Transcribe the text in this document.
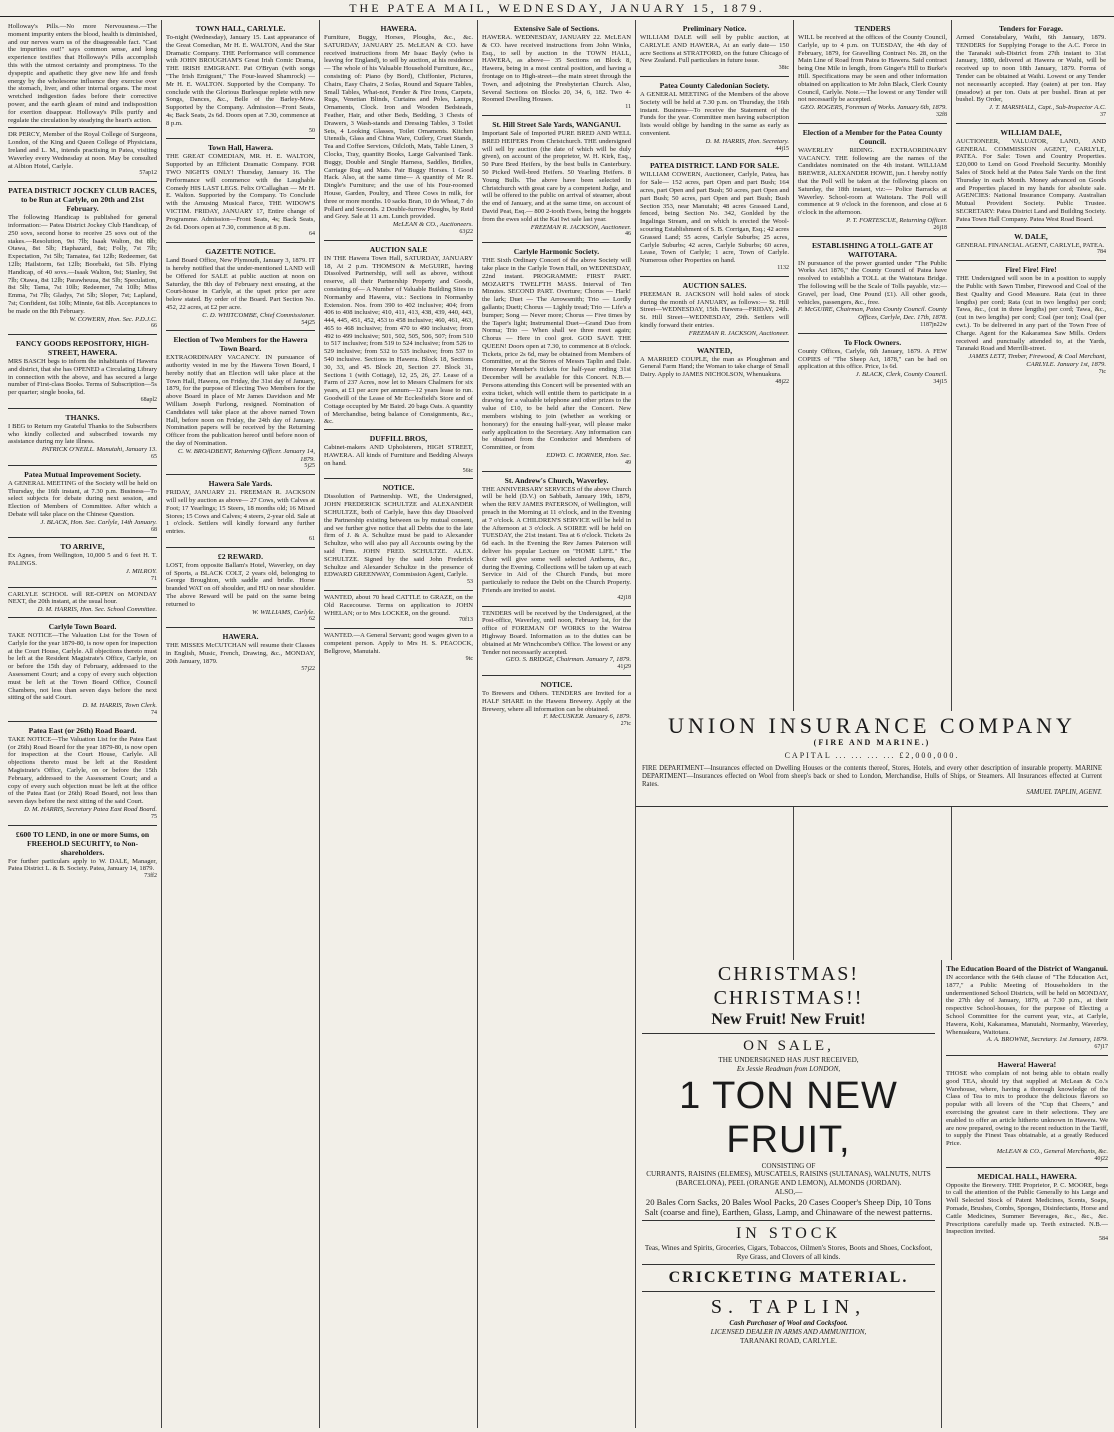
THE PATEA MAIL, WEDNESDAY, JANUARY 15, 1879.
Holloway's Pills.—No more Nervousness.—The moment impurity enters the blood, health is diminished, and our nerves warn us of the disagreeable fact. "Cast the impurities out!" says common sense, and long experience testifies that Holloway's Pills accomplish this with the utmost certainty and promptness. To the dyspeptic and apathetic they give new life and fresh energy by the wholesome influence they exercise over the stomach, liver, and other internal organs. The most wretched indigestion fades before their corrective power, and the earth gleam of mind and indisposition for exertion disappear. Holloway's Pills purify and regulate the circulation by steadying the heart's action.
DR PERCY, Member of the Royal College of Surgeons, London, of the King and Queen College of Physicians, Ireland and L. M., intends practising in Patea, visiting Waverley every Wednesday at noon. May be consulted at Albion Hotel, Carlyle.
57ap12
PATEA DISTRICT JOCKEY CLUB RACES, to be Run at Carlyle, on 20th and 21st February.
The following Handicap is published for general information:— Patea District Jockey Club Handicap, of 250 sovs, second horse to receive 25 sovs out of the stakes.—Resolution, 9st 7lb; Isaak Walton, 8st 8lb; Otawa, 8st 5lb; Haphazard, 8st; Folly, 7st 7lb; Expectation, 7st 5lb; Tamatea, 6st 12lb; Redeemer, 6st 12lb; Hailstorm, 6st 12lb; Boorbaki, 6st 5lb. Flying Handicap, of 40 sovs.—Isaak Walton, 9st; Stanley, 9st 7lb; Otawa, 8st 12lb; Parawheuua, 8st 5lb; Speculation, 8st 5lb; Tama, 7st 10lb; Redeemer, 7st 10lb; Miss Emma, 7st 7lb; Gladys, 7st 5lb; Sloper, 7st; Lapland, 7st; Confident, 6st 10lb; Minnie, 6st 8lb. Acceptances to be made on the 8th February.
W. COWERN, Hon. Sec. P.D.J.C.
66
FANCY GOODS REPOSITORY, HIGH-STREET, HAWERA.
MRS BASCH begs to inform the inhabitants of Hawera and district, that she has OPENED a Circulating Library in connection with the above, and has secured a large number of First-class Books. Terms of Subscription—5s per quarter; single books, 6d.
68apl2
THANKS.
I BEG to Return my Grateful Thanks to the Subscribers who kindly collected and subscribed towards my assistance during my late illness.
PATRICK O'NEILL. Manutahi, January 13.
65
Patea Mutual Improvement Society.
A GENERAL MEETING of the Society will be held on Thursday, the 16th instant, at 7.30 p.m. Business—To select subjects for debate during next session, and Election of Members of Committee. After which a Debate will take place on the Chinese Question.
J. BLACK, Hon. Sec. Carlyle, 14th January.
68
TO ARRIVE,
Ex Agnes, from Wellington, 10,000 5 and 6 feet H. T. PALINGS.
J. MILROY.
71
CARLYLE SCHOOL will RE-OPEN on MONDAY NEXT, the 20th instant, at the usual hour.
D. M. HARRIS, Hon. Sec. School Committee.
Carlyle Town Board.
TAKE NOTICE—The Valuation List for the Town of Carlyle for the year 1879-80, is now open for inspection at the Court House, Carlyle. All objections thereto must be left at the Resident Magistrate's Office, Carlyle, on or before the 15th day of February, addressed to the Assessment Court; and a copy of every such objection must be left at the Town Board Office, Council Chambers, not less than seven days before the next sitting of the said Court.
D. M. HARRIS, Town Clerk.
74
Patea East (or 26th) Road Board.
TAKE NOTICE—The Valuation List for the Patea East (or 26th) Road Board for the year 1879-80, is now open for inspection at the Court House, Carlyle. All objections thereto must be left at the Resident Magistrate's Office, Carlyle, on or before the 15th February, addressed to the Assessment Court; and a copy of every such objection must be left at the office of the Patea East (or 26th) Road Board, not less than seven days before the next sitting of the said Court.
D. M. HARRIS, Secretary Patea East Road Board.
75
£600 TO LEND, in one or more Sums, on FREEHOLD SECURITY, to Non-shareholders.
For further particulars apply to W. DALE, Manager, Patea District L. & B. Society. Patea, January 14, 1879.
73ff2
TOWN HALL, CARLYLE.
To-night (Wednesday), January 15. Last appearance of the Great Comedian, Mr H. E. WALTON, And the Star Dramatic Company. THE Performance will commence with JOHN BROUGHAM'S Great Irish Comic Drama, THE IRISH EMIGRANT. Pat O'Bryan (with songs "The Irish Emigrant," The Four-leaved Shamrock) — Mr H. E. WALTON. Supported by the Company. To conclude with the Glorious Burlesque replete with new Songs, Dances, &c., Belle of the Barley-Mow. Supported by the Company. Admission—Front Seats, 4s; Back Seats, 2s 6d. Doors open at 7.30, commence at 8 p.m.
50
Town Hall, Hawera.
THE GREAT COMEDIAN, MR. H. E. WALTON, Supported by an Efficient Dramatic Company. FOR TWO NIGHTS ONLY! Thursday, January 16. The Performance will commence with the Laughable Comedy HIS LAST LEGS. Felix O'Callaghan — Mr H. E. Walton. Supported by the Company. To Conclude with the Amusing Musical Farce, THE WIDOW'S VICTIM. FRIDAY, JANUARY 17, Entire change of Programme. Admission—Front Seats, 4s; Back Seats, 2s 6d. Doors open at 7.30, commence at 8 p.m.
64
GAZETTE NOTICE.
Land Board Office, New Plymouth, January 3, 1879. IT is hereby notified that the under-mentioned LAND will be Offered for SALE at public auction at noon on Saturday, the 8th day of February next ensuing, at the Court-house in Carlyle, at the upset price per acre below stated. By order of the Board. Part Section No. 452, 22 acres, at £2 per acre.
C. D. WHITCOMBE, Chief Commissioner.
54j25
Election of Two Members for the Hawera Town Board.
EXTRAORDINARY VACANCY. IN pursuance of authority vested in me by the Hawera Town Board, I hereby notify that an Election will take place at the Town Hall, Hawera, on Friday, the 31st day of January, 1879, for the purpose of Electing Two Members for the above Board in place of Mr James Davidson and Mr William Joseph Furlong, resigned. Nomination of Candidates will take place at the above named Town Hall, before noon on Friday, the 24th day of January. Nomination papers will be received by the Returning Officer from the publication hereof until before noon of the day of Nomination.
C. W. BROADBENT, Returning Officer. January 14, 1879.
5j25
Hawera Sale Yards.
FRIDAY, JANUARY 21. FREEMAN R. JACKSON will sell by auction as above— 27 Cows, with Calves at Foot; 17 Yearlings; 15 Steers, 18 months old; 16 Mixed Stores; 15 Cows and Calves; 4 steers, 2-year old. Sale at 1 o'clock. Settlers will kindly forward any further entries.
61
£2 REWARD.
LOST, from opposite Ballam's Hotel, Waverley, on day of Sports, a BLACK COLT, 2 years old, belonging to George Broughton, with saddle and bridle. Horse branded WAT on off shoulder, and HU on near shoulder. The above Reward will be paid on the same being returned to
W. WILLIAMS, Carlyle.
62
HAWERA.
THE MISSES McCUTCHAN will resume their Classes in English, Music, French, Drawing, &c., MONDAY, 20th January, 1879.
57j22
HAWERA.
Furniture, Buggy, Horses, Ploughs, &c., &c. SATURDAY, JANUARY 25. McLEAN & CO. have received instructions from Mr Isaac Bayly (who is leaving for England), to sell by auction, at his residence— The whole of his Valuable Household Furniture, &c., consisting of: Piano (by Bord), Chiffonier, Pictures, Chairs, Easy Chairs, 2 Sofas, Round and Square Tables, Small Tables, What-not, Fender & Fire Irons, Carpets, Rugs, Venetian Blinds, Curtains and Poles, Lamps, Ornaments, Clock. Iron and Wooden Bedsteads, Feather, Hair, and other Beds, Bedding, 3 Chests of Drawers, 3 Wash-stands and Dressing Tables, 3 Toilet Sets, 4 Looking Glasses, Toilet Ornaments. Kitchen Utensils, Glass and China Ware, Cutlery, Cruet Stands, Tea and Coffee Services, Oilcloth, Mats, Table Linen, 3 Clocks, Tray, quantity Books, Large Galvanised Tank. Buggy, Double and Single Harness, Saddles, Bridles, Carriage Rug and Mats. Pair Buggy Horses. 1 Good Hack. Also, at the same time— A quantity of Mr R. Dingle's Furniture; and the use of his Four-roomed House, Garden, Poultry, and Three Cows in milk, for three or more months. 10 sacks Bran, 10 do Wheat, 7 do Pollard and Seconds. 2 Double-furrow Ploughs, by Reid and Grey. Sale at 11 a.m. Lunch provided.
McLEAN & CO., Auctioneers.
63j22
AUCTION SALE
IN THE Hawera Town Hall, SATURDAY, JANUARY 18, At 2 p.m. THOMSON & McGUIRE, having Dissolved Partnership, will sell as above, without reserve, all their Partnership Property and Goods, consisting of— A Number of Valuable Building Sites in Normanby and Hawera, viz.: Sections in Normanby Extension. Nos. from 390 to 402 inclusive; 404; from 406 to 408 inclusive; 410, 411, 413, 438, 439, 440, 443, 444, 445, 451, 452, 453 to 458 inclusive; 460, 461, 463, 465 to 468 inclusive; from 470 to 490 inclusive; from 492 to 499 inclusive; 501, 502, 505, 506, 507; from 510 to 517 inclusive; from 519 to 524 inclusive; from 526 to 529 inclusive; from 532 to 535 inclusive; from 537 to 540 inclusive. Sections in Hawera. Block 18, Sections 30, 33, and 45. Block 20, Section 27. Block 31, Sections 1 (with Cottage), 12, 25, 26, 27. Lease of a Farm of 237 Acres, now let to Messrs Chalmers for six years, at £1 per acre per annum—12 years lease to run. Goodwill of the Lease of Mr Ecclesfield's Store and of Cottage occupied by Mr Baird. 20 bags Oats. A quantity of Merchandise, being balance of Consignments, &c., &c.
DUFFILL BROS,
Cabinet-makers AND Upholsterers, HIGH STREET, HAWERA. All kinds of Furniture and Bedding Always on hand.
56tc
NOTICE.
Dissolution of Partnership. WE, the Undersigned, JOHN FREDERICK SCHULTZE and ALEXANDER SCHULTZE, both of Carlyle, have this day Dissolved the Partnership existing between us by mutual consent, and we further give notice that all Debts due to the late firm of J. & A. Schultze must be paid to Alexander Schultze, who will also pay all Accounts owing by the said Firm. JOHN FRED. SCHULTZE. ALEX. SCHULTZE. Signed by the said John Frederick Schultze and Alexander Schultze in the presence of EDWARD GREENWAY, Commission Agent, Carlyle.
53
WANTED, about 70 head CATTLE to GRAZE, on the Old Racecourse. Terms on application to JOHN WHELAN; or to Mrs LOCKER, on the ground.
70f13
WANTED.—A General Servant; good wages given to a competent person. Apply to Mrs H. S. PEACOCK, Bellgrove, Manutahi.
9tc
Extensive Sale of Sections.
HAWERA. WEDNESDAY, JANUARY 22. McLEAN & CO. have received instructions from John Winks, Esq., to sell by auction in the TOWN HALL, HAWERA, as above— 35 Sections on Block 8, Hawera, being in a most central position, and having a frontage on to High-street—the main street through the Town, and adjoining the Presbyterian Church. Also, Several Sections on Blocks 20, 34, 6, 182. Two 4-Roomed Dwelling Houses.
11
St. Hill Street Sale Yards, WANGANUI.
Important Sale of Imported PURE BRED AND WELL BRED HEIFERS From Christchurch. THE undersigned will sell by auction (the date of which will be duly given), on account of the proprietor, W. H. Kirk, Esq., 50 Pure Bred Heifers, by the best bulls in Canterbury. 50 Picked Well-bred Heifers. 50 Yearling Heifers. 8 Young Bulls. The above have been selected in Christchurch with great care by a competent Judge, and will be offered to the public on arrival of steamer, about the end of January, and at the same time, on account of David Peat, Esq.— 800 2-tooth Ewes, being the hoggets from the ewes sold at the Kai Iwi sale last year.
FREEMAN R. JACKSON, Auctioneer.
46
Carlyle Harmonic Society.
THE Sixth Ordinary Concert of the above Society will take place in the Carlyle Town Hall, on WEDNESDAY, 22nd instant. PROGRAMME: FIRST PART. MOZART'S TWELFTH MASS. Interval of Ten Minutes. SECOND PART. Overture; Chorus — Hark! the lark; Duet — The Arrowsmith; Trio — Lordly gallants; Duett; Chorus — Lightly tread; Trio — Life's a bumper; Song — Never more; Chorus — Five times by the Taper's light; Instrumental Duet—Grand Duo from Norma; Trio — When shall we three meet again; Chorus — Here in cool grot. GOD SAVE THE QUEEN! Doors open at 7.30, to commence at 8 o'clock. Tickets, price 2s 6d, may be obtained from Members of Committee, or at the Stores of Messrs Taplin and Dale. Honorary Member's tickets for half-year ending 31st December will be available for this Concert. N.B.—Persons attending this Concert will be presented with an extra ticket, which will entitle them to participate in a drawing for a valuable telephone and other prizes to the value of £10, to be held after the Concert. New members wishing to join (whether as working or honorary) for the ensuing half-year, will please make early application to the Secretary. Any information can be obtained from the Conductor and Members of Committee, or from
EDWD. C. HORNER, Hon. Sec.
49
St. Andrew's Church, Waverley.
THE ANNIVERSARY SERVICES of the above Church will be held (D.V.) on Sabbath, January 19th, 1879, when the REV JAMES PATERSON, of Wellington, will preach in the Morning at 11 o'clock, and in the Evening at 7 o'clock. A CHILDREN'S SERVICE will be held in the Afternoon at 3 o'clock. A SOIREE will be held on TUESDAY, the 21st instant. Tea at 6 o'clock. Tickets 2s 6d each. In the Evening the Rev James Paterson will deliver his popular Lecture on "HOME LIFE." The Choir will give some well selected Anthems, &c., during the Evening. Collections will be taken up at each Service in Aid of the Church Funds, but more particularly to reduce the Debt on the Church Property. Friends are invited to assist.
42j18
TENDERS will be received by the Undersigned, at the Post-office, Waverley, until noon, February 1st, for the office of FOREMAN OF WORKS to the Wairoa Highway Board. Information as to the duties can be obtained at Mr Winchcombe's Office. The lowest or any Tender not necessarily accepted.
GEO. S. BRIDGE, Chairman. January 7, 1879.
41j29
NOTICE.
To Brewers and Others. TENDERS are Invited for a HALF SHARE in the Hawera Brewery. Apply at the Brewery, where all information can be obtained.
F. McCUSKER. January 6, 1879.
27tc
Preliminary Notice.
WILLIAM DALE will sell by public auction, at CARLYLE AND HAWERA, At an early date— 150 acre Sections at STRATFORD, on the future Chicago of New Zealand. Full particulars in future issue.
38tc
Patea County Caledonian Society.
A GENERAL MEETING of the Members of the above Society will be held at 7.30 p.m. on Thursday, the 16th instant. Business—To receive the Statement of the Funds for the year. Committee men having subscription lists would oblige by handing in the same as early as convenient.
D. M. HARRIS, Hon. Secretary.
44j15
PATEA DISTRICT. LAND FOR SALE.
WILLIAM COWERN, Auctioneer, Carlyle, Patea, has for Sale— 152 acres, part Open and part Bush; 164 acres, part Open and part Bush; 50 acres, part Open and part Bush; 50 acres, part Open and part Bush; Bush Section 353, near Manutahi; 48 acres Grassed Land, fenced, being Section No. 342, Gonlded by the Ingalinga Stream, and on which is erected the Wool-scouring Establishment of S. B. Corrigan, Esq.; 42 acres Grassed Land; 55 acres, Carlyle Suburbs; 25 acres, Carlyle Suburbs; 42 acres, Carlyle Suburbs; 60 acres, Lease, Town of Carlyle; 1 acre, Town of Carlyle. Numerous other Properties on hand.
1132
AUCTION SALES.
FREEMAN R. JACKSON will hold sales of stock during the month of JANUARY, as follows:— St. Hill Street—WEDNESDAY, 15th. Hawera—FRIDAY, 24th. St. Hill Street—WEDNESDAY, 29th. Settlers will kindly forward their entries.
FREEMAN R. JACKSON, Auctioneer.
WANTED,
A MARRIED COUPLE, the man as Ploughman and General Farm Hand; the Woman to take charge of Small Dairy. Apply to JAMES NICHOLSON, Whenuakura.
48j22
TENDERS
WILL be received at the offices of the County Council, Carlyle, up to 4 p.m. on TUESDAY, the 4th day of February, 1879, for Gravelling Contract No. 28, on the Main Line of Road from Patea to Hawera. Said contract being One Mile in length, from Ginger's Hill to Burke's Hill. Specifications may be seen and other information obtained on application to Mr John Black, Clerk County Council, Carlyle. Note.—The lowest or any Tender will not necessarily be accepted.
GEO. ROGERS, Foreman of Works. January 6th, 1879.
32f8
Election of a Member for the Patea County Council.
WAVERLEY RIDING. EXTRAORDINARY VACANCY. THE following are the names of the Candidates nominated on the 4th instant. WILLIAM BREWER, ALEXANDER HOWIE, jun. I hereby notify that the Poll will be taken at the following places on Saturday, the 18th instant, viz:— Police Barracks at Waverley. School-room at Waitotara. The Poll will commence at 9 o'clock in the forenoon, and close at 6 o'clock in the afternoon.
P. T. FORTESCUE, Returning Officer.
26j18
ESTABLISHING A TOLL-GATE AT WAITOTARA.
IN pursuance of the power granted under "The Public Works Act 1876," the County Council of Patea have resolved to establish a TOLL at the Waitotara Bridge. The following will be the Scale of Tolls payable, viz:— Gravel, per load, One Pound (£1). All other goods, vehicles, passengers, &c., free.
F. McGUIRE, Chairman, Patea County Council. County Offices, Carlyle, Dec. 17th, 1878.
1187jn22w
To Flock Owners.
County Offices, Carlyle, 6th January, 1879. A FEW COPIES of "The Sheep Act, 1878," can be had on application at this office. Price, 1s 6d.
J. BLACK, Clerk, County Council.
34j15
Tenders for Forage.
Armed Constabulary, Waihi, 6th January, 1879. TENDERS for Supplying Forage to the A.C. Force in the Taranaki sub-District from 27th instant to 31st January, 1880, delivered at Hawera or Waihi, will be received up to noon 18th January, 1879. Forms of Tender can be obtained at Waihi. Lowest or any Tender not necessarily accepted. Hay (oaten) at per ton. Hay (meadow) at per ton. Oats at per bushel. Bran at per bushel. By Order,
J. T. MARSHALL, Capt., Sub-Inspector A.C.
37
WILLIAM DALE,
AUCTIONEER, VALUATOR, LAND, AND GENERAL COMMISSION AGENT, CARLYLE, PATEA. For Sale: Town and Country Properties. £20,000 to Lend on Good Freehold Security. Monthly Sales of Stock held at the Patea Sale Yards on the first Thursday in each Month. Money advanced on Goods and Properties placed in my hands for absolute sale. AGENCIES: National Insurance Company. Australian Mutual Provident Society. Public Trustee. SECRETARY: Patea District Land and Building Society. Patea Town Hall Company. Patea West Road Board.
W. DALE,
GENERAL FINANCIAL AGENT, CARLYLE, PATEA.
784
Fire! Fire! Fire!
THE Undersigned will soon be in a position to supply the Public with Sawn Timber, Firewood and Coal of the Best Quality and Good Measure. Rata (cut in three lengths) per cord; Rata (cut in two lengths) per cord; Tawa, &c., (cut in three lengths) per cord; Tawa, &c., (cut in two lengths) per cord; Coal (per ton); Coal (per cwt.). To be delivered in any part of the Town Free of Charge. Agent for the Kakaramea Saw Mills. Orders received and punctually attended to, at the Yards, Taranaki Road and Merrilli-street.
JAMES LETT, Timber, Firewood, & Coal Merchant, CARLYLE. January 1st, 1879.
7tc
UNION INSURANCE COMPANY
(FIRE AND MARINE.)
CAPITAL ... ... ... ... £2,000,000.
FIRE DEPARTMENT—Insurances effected on Dwelling Houses or the contents thereof, Stores, Hotels, and every other description of insurable property. MARINE DEPARTMENT—Insurances effected on Wool from sheep's back or shed to London, Merchandise, Hulls of Ships, or Steamers. All Insurances effected at Current Rates.
SAMUEL TAPLIN, AGENT.
CHRISTMAS! CHRISTMAS!!
New Fruit! New Fruit!
ON SALE,
THE UNDERSIGNED HAS JUST RECEIVED,
Ex Jessie Readman from LONDON,
1 TON NEW FRUIT,
CONSISTING OF
CURRANTS, RAISINS (ELEMES), MUSCATELS, RAISINS (SULTANAS), WALNUTS, NUTS (BARCELONA), PEEL (ORANGE AND LEMON), ALMONDS (JORDAN).
ALSO,—
20 Bales Corn Sacks, 20 Bales Wool Packs, 20 Cases Cooper's Sheep Dip, 10 Tons Salt (coarse and fine), Earthen, Glass, Lamp, and Chinaware of the newest patterns.
IN STOCK
Teas, Wines and Spirits, Groceries, Cigars, Tobaccos, Oilmen's Stores, Boots and Shoes, Cocksfoot, Rye Grass, and Clovers of all kinds.
CRICKETING MATERIAL.
S. TAPLIN,
Cash Purchaser of Wool and Cocksfoot.
LICENSED DEALER IN ARMS AND AMMUNITION,
TARANAKI ROAD, CARLYLE.
The Education Board of the District of Wanganui.
IN accordance with the 64th clause of "The Education Act, 1877," a Public Meeting of Householders in the undermentioned School Districts, will be held on MONDAY, the 27th day of January, 1879, at 7.30 p.m., at their respective School-houses, for the purpose of Electing a School Committee for the current year, viz., at Carlyle, Hawera, Kohi, Kakaramea, Manutahi, Normanby, Waverley, Whenuakura, Waitotara.
A. A. BROWNE, Secretary. 1st January, 1879.
67j17
Hawera! Hawera!
THOSE who complain of not being able to obtain really good TEA, should try that supplied at McLean & Co.'s Warehouse, where, having a thorough knowledge of the Class of Tea to mix to produce the delicious flavors so popular with all lovers of the "Cup that Cheers," and exercising the greatest care in their selections. They are enabled to offer an article hitherto unknown in Hawera. We are now prepared, owing to the recent reduction in the Tariff, to supply the Finest Teas obtainable, at a greatly Reduced Price.
McLEAN & CO., General Merchants, &c.
40j22
MEDICAL HALL, HAWERA.
Opposite the Brewery. THE Proprietor, P. C. MOORE, begs to call the attention of the Public Generally to his Large and Well Selected Stock of Patent Medicines, Scents, Soaps, Pomade, Brushes, Combs, Sponges, Disinfectants, Horse and Cattle Medicines, Summer Beverages, &c., &c., &c. Prescriptions carefully made up. Teeth extracted. N.B.—Inspection invited.
584
